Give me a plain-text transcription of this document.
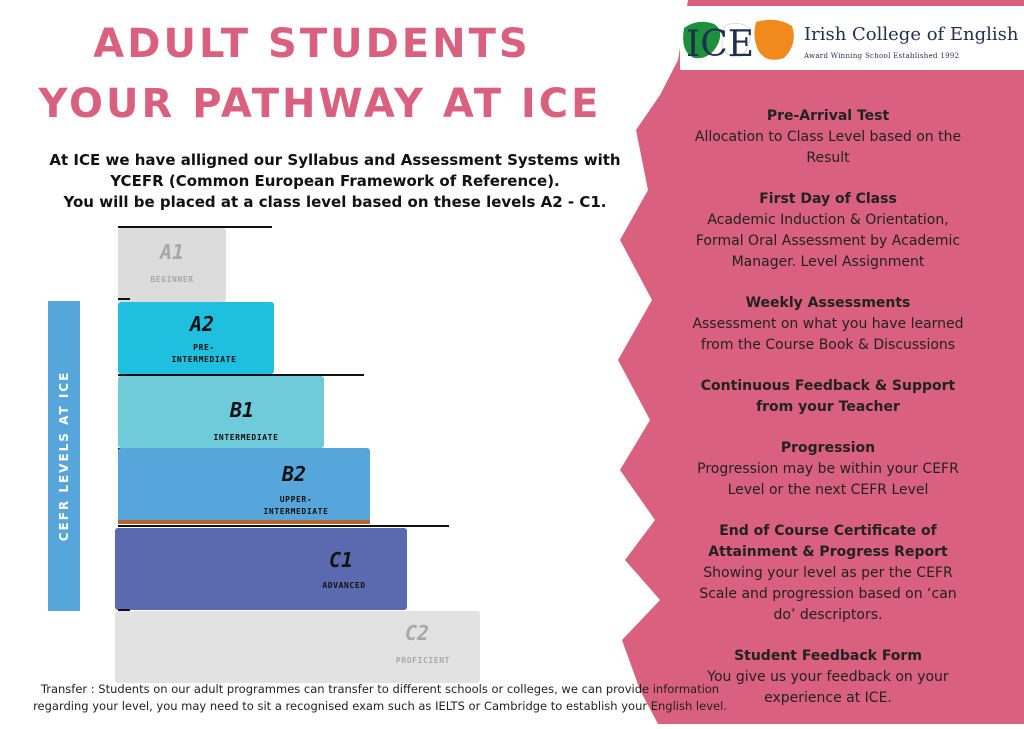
ADULT STUDENTS
YOUR PATHWAY AT ICE
At ICE we have alligned our Syllabus and Assessment Systems with
YCEFR (Common European Framework of Reference).
You will be placed at a class level based on these levels A2 - C1.
ICE	Irish College of English
Award Winning School Established 1992
Pre-Arrival Test
Allocation to Class Level based on the Result
First Day of Class
Academic Induction & Orientation, Formal Oral Assessment by Academic Manager. Level Assignment
Weekly Assessments
Assessment on what you have learned from the Course Book & Discussions
Continuous Feedback & Support from your Teacher
Progression
Progression may be within your CEFR Level or the next CEFR Level
End of Course Certificate of Attainment & Progress Report
Showing your level as per the CEFR Scale and progression based on ‘can do’ descriptors.
Student Feedback Form
You give us your feedback on your experience at ICE.
CEFR LEVELS AT ICE
A1
BEGINNER
A2
PRE-
INTERMEDIATE
B1
INTERMEDIATE
B2
UPPER-
INTERMEDIATE
C1
ADVANCED
C2
PROFICIENT
Transfer : Students on our adult programmes can transfer to different schools or colleges, we can provide information
regarding your level, you may need to sit a recognised exam such as IELTS or Cambridge to establish your English level.
